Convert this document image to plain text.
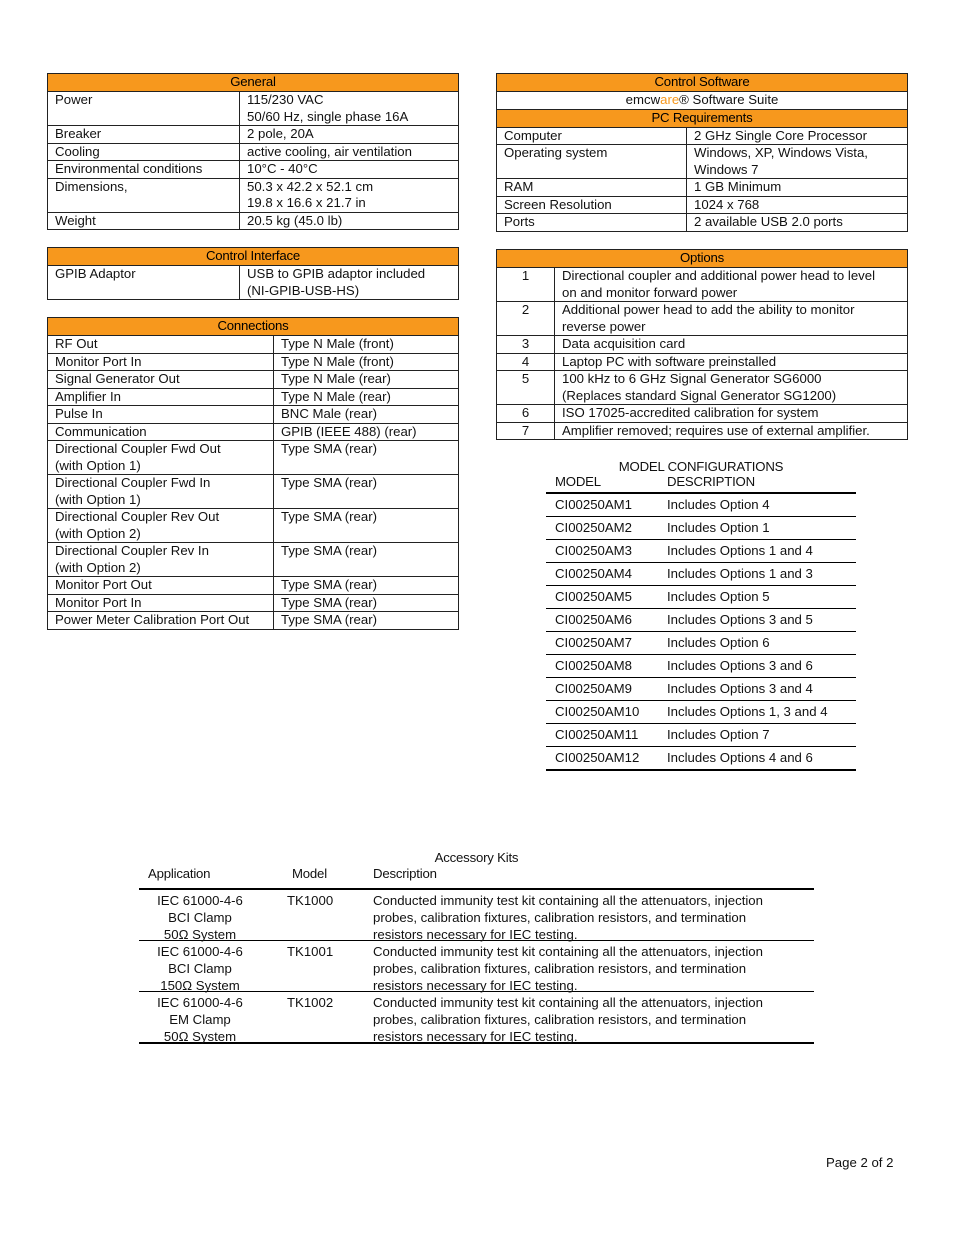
General	
Power	115/230 VAC
50/60 Hz, single phase 16A

Breaker	2 pole, 20A
Cooling	active cooling, air ventilation
Environmental conditions	10°C - 40°C
Dimensions,	50.3 x 42.2 x 52.1 cm
19.8 x 16.6 x 21.7 in

Weight	20.5 kg (45.0 lb)
Control Interface
GPIB Adaptor	USB to GPIB adaptor included
(NI-GPIB-USB-HS)
Connections	
RF Out	Type N Male (front)
Monitor Port In	Type N Male (front)
Signal Generator Out	Type N Male (rear)
Amplifier In	Type N Male (rear)
Pulse In	BNC Male (rear)
Communication	GPIB (IEEE 488) (rear)

Directional Coupler Fwd Out
(with Option 1)	Type SMA (rear)

Directional Coupler Fwd In
(with Option 1)	Type SMA (rear)

Directional Coupler Rev Out
(with Option 2)	Type SMA (rear)

Directional Coupler Rev In
(with Option 2)	Type SMA (rear)
Monitor Port Out	Type SMA (rear)
Monitor Port In	Type SMA (rear)
Power Meter Calibration Port Out	Type SMA (rear)
Control Software	
emcware® Software Suite	
PC Requirements	
Computer	2 GHz Single Core Processor
Operating system	Windows, XP, Windows Vista,
Windows 7

RAM	1 GB Minimum
Screen Resolution	1024 x 768
Ports	2 available USB 2.0 ports
Options	
1	Directional coupler and additional power head to level
on and monitor forward power

2	Additional power head to add the ability to monitor
reverse power

3	Data acquisition card
4	Laptop PC with software preinstalled
5	100 kHz to 6 GHz Signal Generator SG6000
(Replaces standard Signal Generator SG1200)

6	ISO 17025-accredited calibration for system
7	Amplifier removed; requires use of external amplifier.
MODEL CONFIGURATIONS
MODEL	DESCRIPTION
CI00250AM1	Includes Option 4
CI00250AM2	Includes Option 1
CI00250AM3	Includes Options 1 and 4
CI00250AM4	Includes Options 1 and 3
CI00250AM5	Includes Option 5
CI00250AM6	Includes Options 3 and 5
CI00250AM7	Includes Option 6
CI00250AM8	Includes Options 3 and 6
CI00250AM9	Includes Options 3 and 4
CI00250AM10 Includes Options 1, 3 and 4
CI00250AM11 Includes Option 7
CI00250AM12 Includes Options 4 and 6
Accessory Kits
Application	Model	Description
IEC 61000-4-6
BCI Clamp
50Ω System
TK1000	Conducted immunity test kit containing all the attenuators, injection
probes, calibration fixtures, calibration resistors, and termination
resistors necessary for IEC testing.
IEC 61000-4-6
BCI Clamp
150Ω System
TK1001	Conducted immunity test kit containing all the attenuators, injection
probes, calibration fixtures, calibration resistors, and termination
resistors necessary for IEC testing.
IEC 61000-4-6
EM Clamp
50Ω System
TK1002	Conducted immunity test kit containing all the attenuators, injection
probes, calibration fixtures, calibration resistors, and termination
resistors necessary for IEC testing.
Page 2 of 2
